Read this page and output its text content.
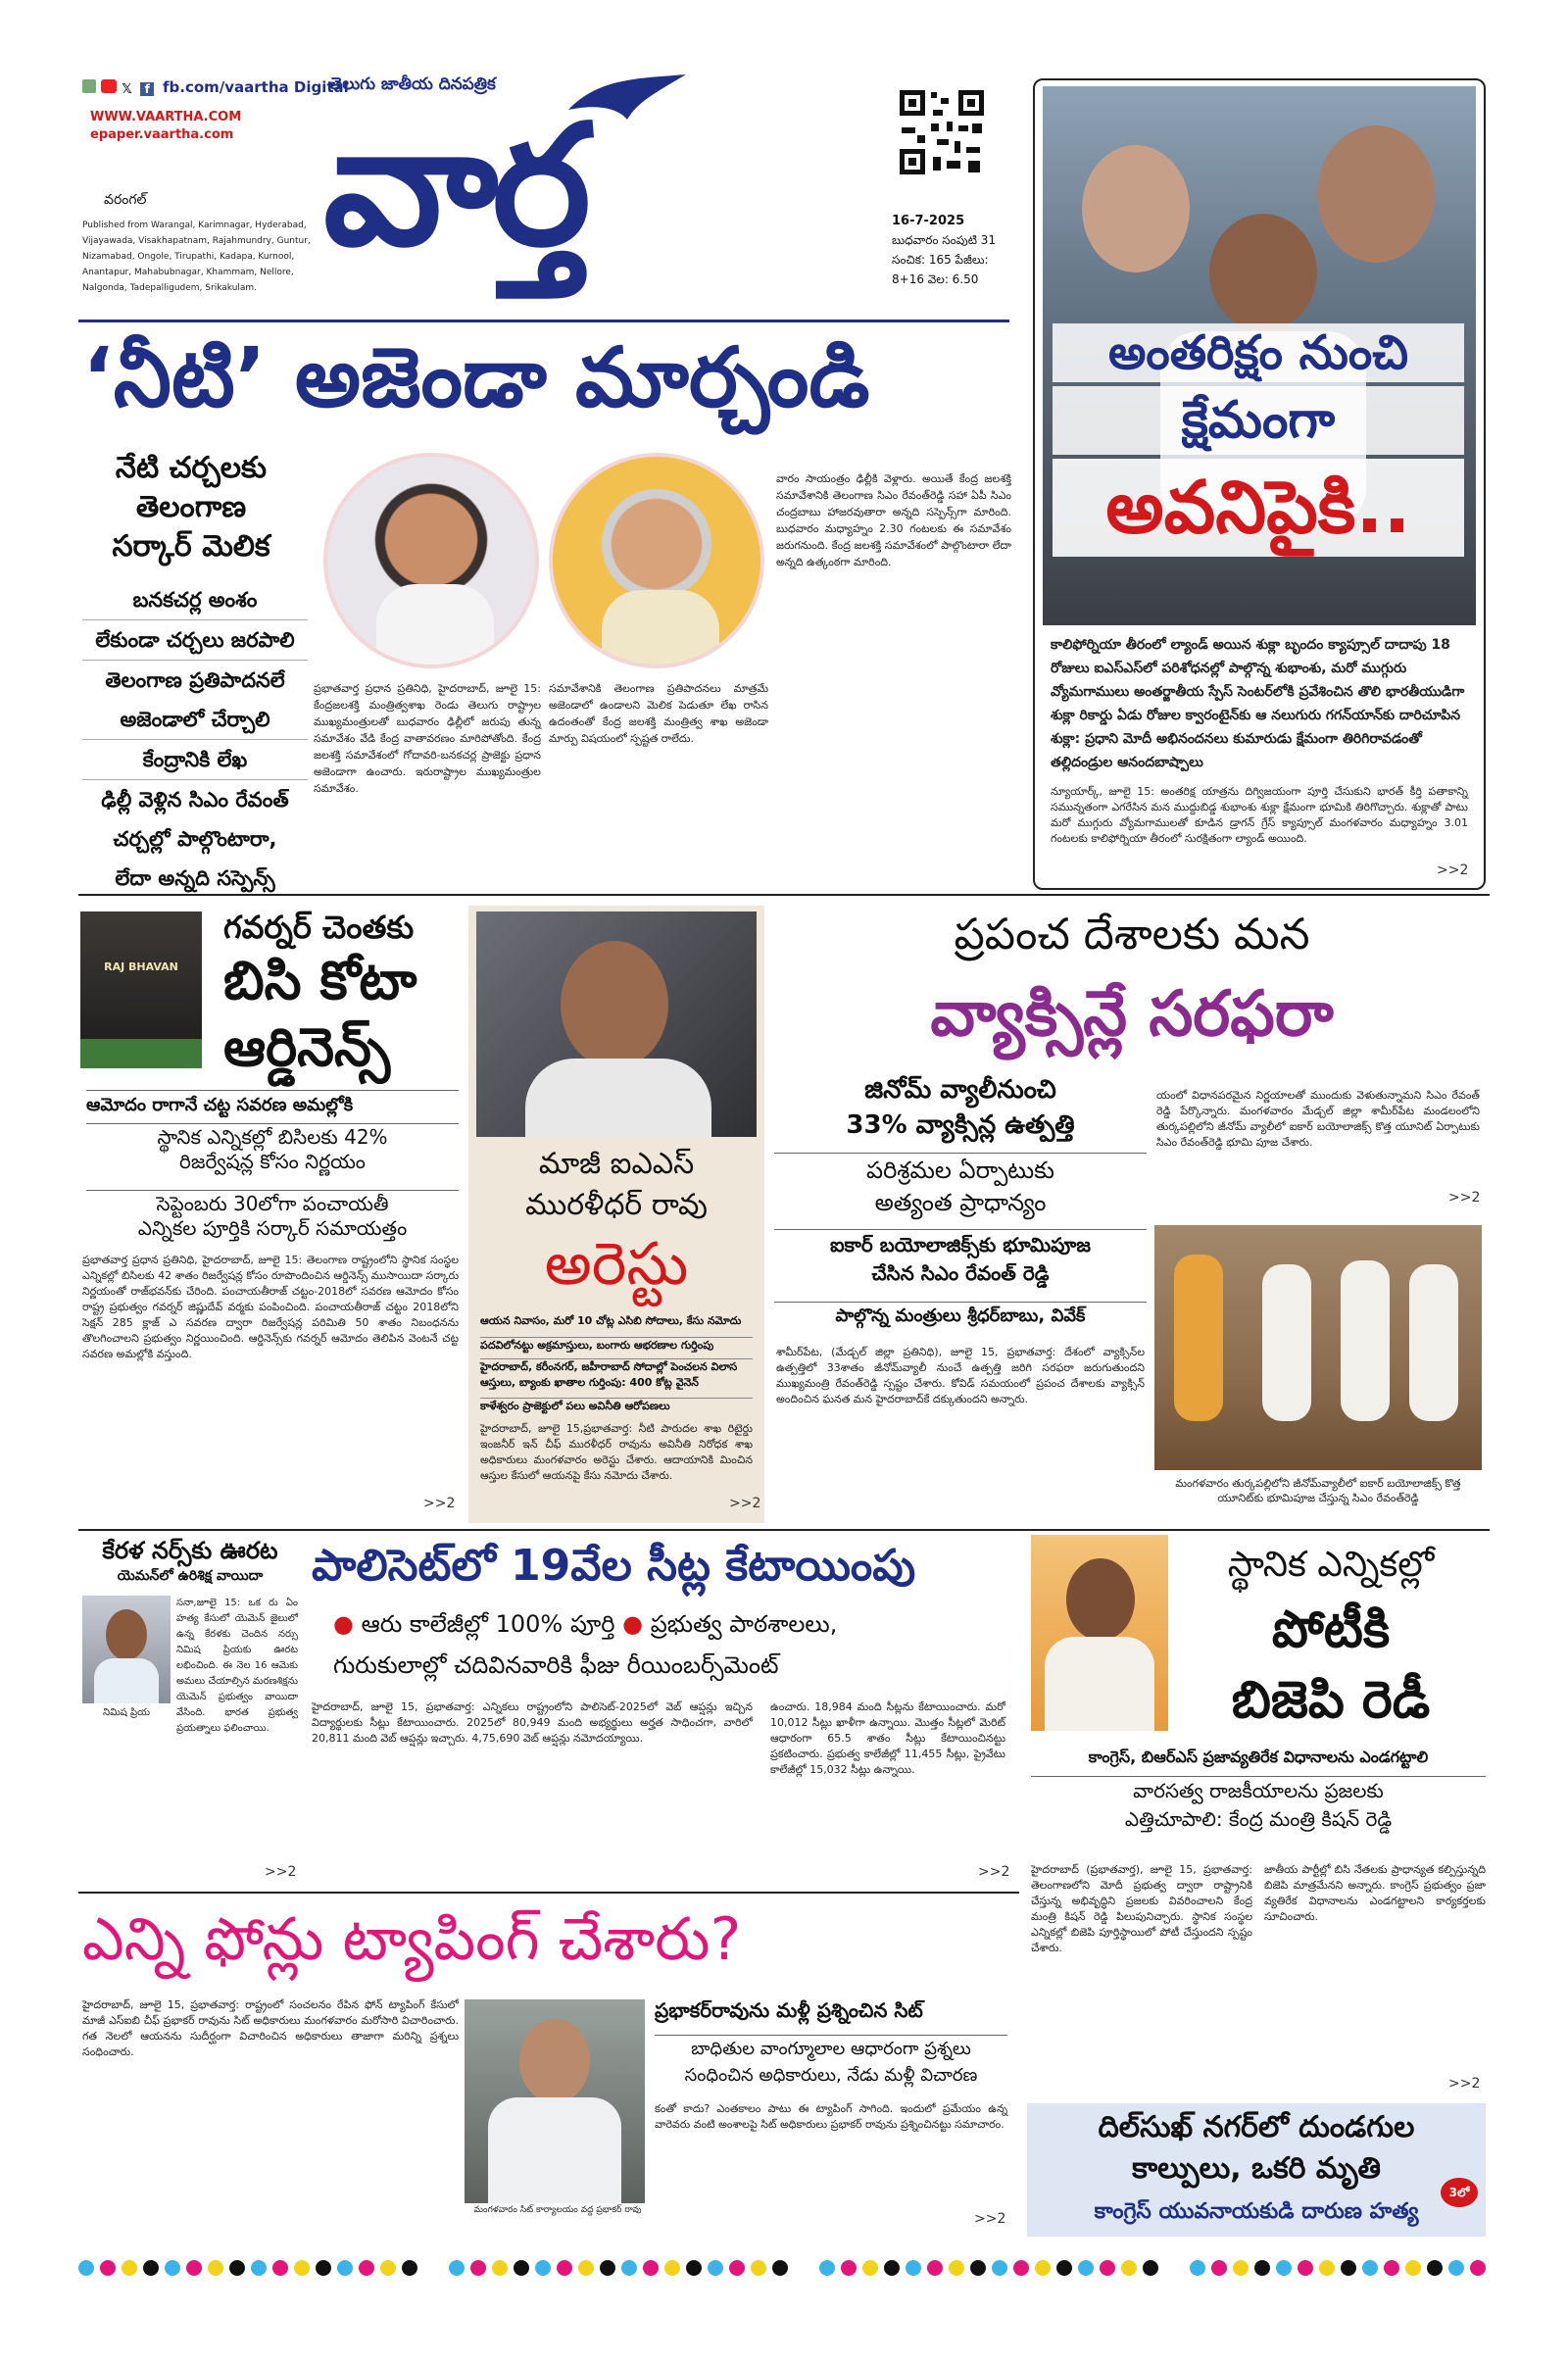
𝕏 f fb.com/vaartha Digital
WWW.VAARTHA.COM
epaper.vaartha.com
వరంగల్
Published from Warangal, Karimnagar, Hyderabad, Vijayawada, Visakhapatnam, Rajahmundry, Guntur, Nizamabad, Ongole, Tirupathi, Kadapa, Kurnool, Anantapur, Mahabubnagar, Khammam, Nellore, Nalgonda, Tadepalligudem, Srikakulam.
తెలుగు జాతీయ దినపత్రిక
వార్త	16-7-2025
బుధవారం సంపుటి 31
సంచిక: 165 పేజీలు:
8+16 వెల: 6.50
‘నీటి’ అజెండా మార్చండి
నేటి చర్చలకు
తెలంగాణ
సర్కార్ మెలిక
బనకచర్ల అంశం
లేకుండా చర్చలు జరపాలి
తెలంగాణ ప్రతిపాదనలే
అజెండాలో చేర్చాలి
కేంద్రానికి లేఖ
ఢిల్లీ వెళ్లిన సిఎం రేవంత్
చర్చల్లో పాల్గొంటారా,
లేదా అన్నది సస్పెన్స్
వారం సాయంత్రం ఢిల్లీకి వెళ్లారు. అయితే కేంద్ర జలశక్తి సమావేశానికి తెలంగాణ సిఎం రేవంత్‌రెడ్డి సహా ఏపీ సిఎం చంద్రబాబు హాజరవుతారా అన్నది సస్పెన్స్‌గా మారింది. బుధవారం మధ్యాహ్నం 2.30 గంటలకు ఈ సమావేశం జరుగనుంది. కేంద్ర జలశక్తి సమావేశంలో పాల్గొంటారా లేదా అన్నది ఉత్కంఠగా మారింది.
ప్రభాతవార్త ప్రధాన ప్రతినిధి, హైదరాబాద్, జూలై 15: కేంద్రజలశక్తి మంత్రిత్వశాఖ రెండు తెలుగు రాష్ట్రాల ముఖ్యమంత్రులతో బుధవారం ఢిల్లీలో జరుపు తున్న సమావేశం వేడి కేంద్ర వాతావరణం మారిపోతోంది. కేంద్ర జలశక్తి సమావేశంలో గోదావరి-బనకచర్ల ప్రాజెక్టు ప్రధాన అజెండాగా ఉంచారు. ఇరురాష్ట్రాల ముఖ్యమంత్రుల సమావేశం.
సమావేశానికి తెలంగాణ ప్రతిపాదనలు మాత్రమే అజెండాలో ఉండాలని మెలిక పెడుతూ లేఖ రాసిన ఉదంతంతో కేంద్ర జలశక్తి మంత్రిత్వ శాఖ అజెండా మార్పు విషయంలో స్పష్టత రాలేదు.
అంతరిక్షం నుంచి
క్షేమంగా
అవనిపైకి..
కాలిఫోర్నియా తీరంలో ల్యాండ్ అయిన శుక్లా బృందం క్యాప్సూల్ దాదాపు 18 రోజులు ఐఎస్ఎస్‌లో పరిశోధనల్లో పాల్గొన్న శుభాంశు, మరో ముగ్గురు వ్యోమగాములు అంతర్జాతీయ స్పేస్ సెంటర్‌లోకి ప్రవేశించిన తొలి భారతీయుడిగా శుక్లా రికార్డు ఏడు రోజుల క్వారంటైన్‌కు ఆ నలుగురు గగన్‌యాన్‌కు దారిచూపిన శుక్లా: ప్రధాని మోదీ అభినందనలు కుమారుడు క్షేమంగా తిరిగిరావడంతో తల్లిదండ్రుల ఆనందబాష్పాలు
న్యూయార్క్, జూలై 15: అంతరిక్ష యాత్రను దిగ్విజయంగా పూర్తి చేసుకుని భారత్ కీర్తి పతాకాన్ని సమున్నతంగా ఎగరేసిన మన ముద్దుబిడ్డ శుభాంశు శుక్లా క్షేమంగా భూమికి తిరిగొచ్చారు. శుక్లాతో పాటు మరో ముగ్గురు వ్యోమగాములతో కూడిన డ్రాగన్ గ్రేస్ క్యాప్సూల్ మంగళవారం మధ్యాహ్నం 3.01 గంటలకు కాలిఫోర్నియా తీరంలో సురక్షితంగా ల్యాండ్ అయింది.
>>2
RAJ BHAVAN
గవర్నర్ చెంతకు
బిసి కోటా
ఆర్డినెన్స్
ఆమోదం రాగానే చట్ట సవరణ అమల్లోకి
స్థానిక ఎన్నికల్లో బిసిలకు 42%
రిజర్వేషన్ల కోసం నిర్ణయం
సెప్టెంబరు 30లోగా పంచాయతీ
ఎన్నికల పూర్తికి సర్కార్ సమాయత్తం
ప్రభాతవార్త ప్రధాన ప్రతినిధి, హైదరాబాద్, జూలై 15: తెలంగాణ రాష్ట్రంలోని స్థానిక సంస్థల ఎన్నికల్లో బిసిలకు 42 శాతం రిజర్వేషన్ల కోసం రూపొందించిన ఆర్డినెన్స్ ముసాయిదా సర్కారు నిర్ణయంతో రాజ్‌భవన్‌కు చేరింది. పంచాయతీరాజ్ చట్టం-2018లో సవరణ ఆమోదం కోసం రాష్ట్ర ప్రభుత్వం గవర్నర్ జిష్ణుదేవ్ వర్మకు పంపించింది. పంచాయతీరాజ్ చట్టం 2018లోని సెక్షన్ 285 క్లాజ్ ఎ సవరణ ద్వారా రిజర్వేషన్ల పరిమితి 50 శాతం నిబంధనను తొలగించాలని ప్రభుత్వం నిర్ణయించింది. ఆర్డినెన్స్‌కు గవర్నర్ ఆమోదం తెలిపిన వెంటనే చట్ట సవరణ అమల్లోకి వస్తుంది.
>>2
మాజీ ఐఎఎస్
మురళీధర్ రావు
అరెస్టు
ఆయన నివాసం, మరో 10 చోట్ల ఎసిబి సోదాలు, కేసు నమోదు
పదవిలోనట్టు అక్రమాస్తులు, బంగారు ఆభరణాల గుర్తింపు
హైదరాబాద్, కరీంనగర్, జహీరాబాద్ సోదాల్లో పెంచలన విలాస ఆస్తులు, బ్యాంకు ఖాతాల గుర్తింపు: 400 కోట్ల వైనెన్
కాళేశ్వరం ప్రాజెక్టులో పలు అవినీతి ఆరోపణలు
హైదరాబాద్, జూలై 15,ప్రభాతవార్త: నీటి పారుదల శాఖ రిటైర్డు ఇంజనీర్ ఇన్ చీఫ్ మురళీధర్ రావును అవినీతి నిరోధక శాఖ అధికారులు మంగళవారం అరెస్టు చేశారు. ఆదాయానికి మించిన ఆస్తుల కేసులో ఆయనపై కేసు నమోదు చేశారు.
>>2
ప్రపంచ దేశాలకు మన
వ్యాక్సిన్లే సరఫరా
జినోమ్ వ్యాలీనుంచి
33% వ్యాక్సిన్ల ఉత్పత్తి
పరిశ్రమల ఏర్పాటుకు
అత్యంత ప్రాధాన్యం
ఐకార్ బయోలాజిక్స్‌కు భూమిపూజ
చేసిన సిఎం రేవంత్ రెడ్డి
పాల్గొన్న మంత్రులు శ్రీధర్‌బాబు, వివేక్
శామీర్‌పేట, (మేడ్చల్ జిల్లా ప్రతినిధి), జూలై 15, ప్రభాతవార్త: దేశంలో వ్యాక్సిన్‌ల ఉత్పత్తిలో 33శాతం జీనోమ్‌వ్యాలీ నుంచే ఉత్పత్తి జరిగి సరఫరా జరుగుతుందని ముఖ్యమంత్రి రేవంత్‌రెడ్డి స్పష్టం చేశారు. కోవిడ్ సమయంలో ప్రపంచ దేశాలకు వ్యాక్సిన్ అందించిన ఘనత మన హైదరాబాద్‌కే దక్కుతుందని అన్నారు.
యంలో విధానపరమైన నిర్ణయాలతో ముందుకు వెళుతున్నామని సిఎం రేవంత్ రెడ్డి పేర్కొన్నారు. మంగళవారం మేడ్చల్ జిల్లా శామీర్‌పేట మండలంలోని తుర్కపల్లిలోని జీనోమ్ వ్యాలీలో ఐకార్ బయోలాజిక్స్ కొత్త యూనిట్ ఏర్పాటుకు సిఎం రేవంత్‌రెడ్డి భూమి పూజ చేశారు.
>>2
మంగళవారం తుర్కపల్లిలోని జీనోమ్‌వ్యాలీలో ఐకార్ బయోలాజిక్స్ కొత్త యూనిట్‌కు భూమిపూజ చేస్తున్న సిఎం రేవంత్‌రెడ్డి
కేరళ నర్స్‌కు ఊరట
యెమన్‌లో ఉరిశిక్ష వాయిదా
నిమిష ప్రియ
సనా,జూలై 15: ఒక రు ఏం హత్య కేసులో యెమెన్ జైలులో ఉన్న కేరళకు చెందిన నర్సు నిమిష ప్రియకు ఊరట లభించింది. ఈ నెల 16 ఆమెకు అమలు చేయాల్సిన మరణశిక్షను యెమెన్ ప్రభుత్వం వాయిదా వేసింది. భారత ప్రభుత్వ ప్రయత్నాలు ఫలించాయి.
>>2
పాలిసెట్‌లో 19వేల సీట్ల కేటాయింపు
● ఆరు కాలేజీల్లో 100% పూర్తి ● ప్రభుత్వ పాఠశాలలు,
గురుకులాల్లో చదివినవారికి ఫీజు రీయింబర్స్‌మెంట్
హైదరాబాద్, జూలై 15, ప్రభాతవార్త: ఎన్నికలు రాష్ట్రంలోని పాలిసెట్-2025లో వెబ్ ఆప్షన్లు ఇచ్చిన విద్యార్థులకు సీట్లు కేటాయించారు. 2025లో 80,949 మంది అభ్యర్థులు అర్హత సాధించగా, వారిలో 20,811 మంది వెబ్ ఆప్షన్లు ఇచ్చారు. 4,75,690 వెబ్ ఆప్షన్లు నమోదయ్యాయి.
ఉంచారు. 18,984 మంది సీట్లను కేటాయించారు. మరో 10,012 సీట్లు ఖాళీగా ఉన్నాయి. మొత్తం సీట్లలో మెరిట్ ఆధారంగా 65.5 శాతం సీట్లు కేటాయించినట్టు ప్రకటించారు. ప్రభుత్వ కాలేజీల్లో 11,455 సీట్లు, ప్రైవేటు కాలేజీల్లో 15,032 సీట్లు ఉన్నాయి.
>>2
స్థానిక ఎన్నికల్లో
పోటీకి
బిజెపి రెడీ
కాంగ్రెస్, బిఆర్ఎస్ ప్రజావ్యతిరేక విధానాలను ఎండగట్టాలి
వారసత్వ రాజకీయాలను ప్రజలకు
ఎత్తిచూపాలి: కేంద్ర మంత్రి కిషన్ రెడ్డి
హైదరాబాద్ (ప్రభాతవార్త), జూలై 15, ప్రభాతవార్త: తెలంగాణలోని మోదీ ప్రభుత్వ ద్వారా రాష్ట్రానికి చేస్తున్న అభివృద్ధిని ప్రజలకు వివరించాలని కేంద్ర మంత్రి కిషన్ రెడ్డి పిలుపునిచ్చారు. స్థానిక సంస్థల ఎన్నికల్లో బిజెపి పూర్తిస్థాయిలో పోటీ చేస్తుందని స్పష్టం చేశారు.
జాతీయ పార్టీల్లో బిసి నేతలకు ప్రాధాన్యత కల్పిస్తున్నది బిజెపి మాత్రమేనని అన్నారు. కాంగ్రెస్ ప్రభుత్వం ప్రజా వ్యతిరేక విధానాలను ఎండగట్టాలని కార్యకర్తలకు సూచించారు.
>>2
ఎన్ని ఫోన్లు ట్యాపింగ్ చేశారు?
హైదరాబాద్, జూలై 15, ప్రభాతవార్త: రాష్ట్రంలో సంచలనం రేపిన ఫోన్ ట్యాపింగ్ కేసులో మాజీ ఎస్ఐబి చీఫ్ ప్రభాకర్ రావును సిట్ అధికారులు మంగళవారం మరోసారి విచారించారు. గత నెలలో ఆయనను సుదీర్ఘంగా విచారించిన అధికారులు తాజాగా మరిన్ని ప్రశ్నలు సంధించారు.
మంగళవారం సిట్ కార్యాలయం వద్ద ప్రభాకర్ రావు
ప్రభాకర్‌రావును మళ్లీ ప్రశ్నించిన సిట్
బాధితుల వాంగ్మూలాల ఆధారంగా ప్రశ్నలు
సంధించిన అధికారులు, నేడు మళ్లీ విచారణ
కంతో కాదు? ఎంతకాలం పాటు ఈ ట్యాపింగ్ సాగింది. ఇందులో ప్రమేయం ఉన్న వారెవరు వంటి అంశాలపై సిట్ అధికారులు ప్రభాకర్ రావును ప్రశ్నించినట్టు సమాచారం.
>>2
దిల్‌సుఖ్ నగర్‌లో దుండగుల
కాల్పులు, ఒకరి మృతి
కాంగ్రెస్ యువనాయకుడి దారుణ హత్య
3లో
